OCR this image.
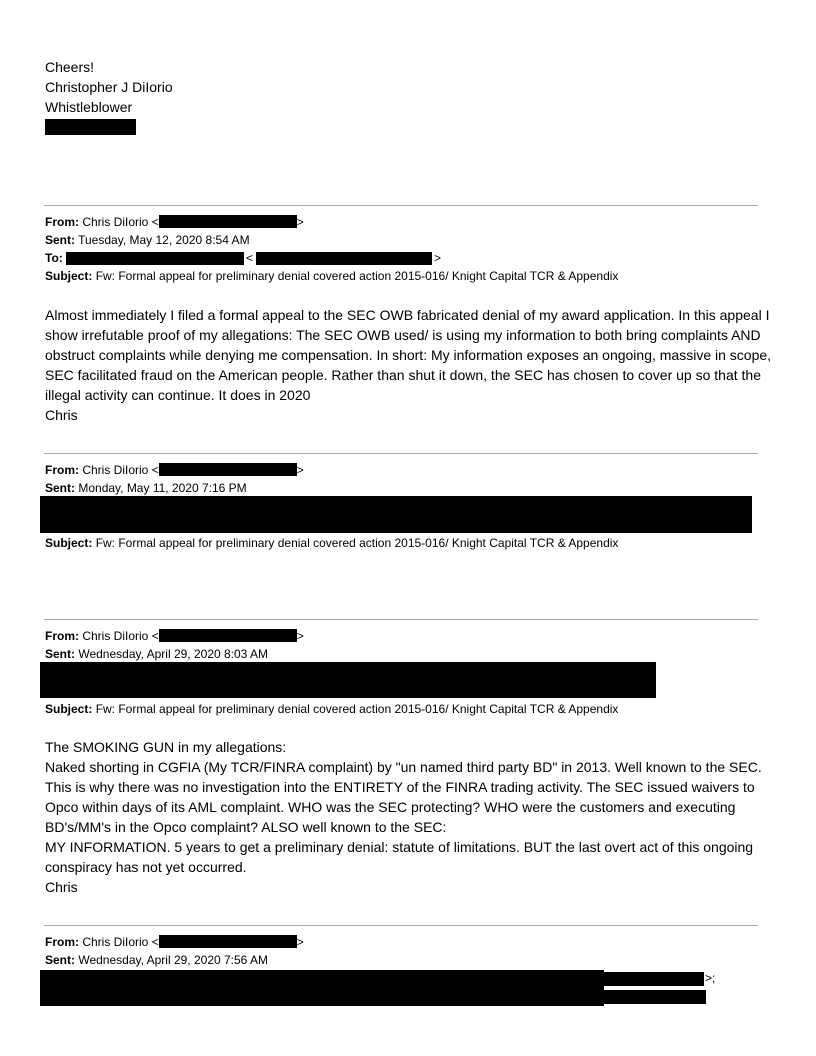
Cheers!
Christopher J DiIorio
Whistleblower
From: Chris DiIorio <	>
Sent: Tuesday, May 12, 2020 8:54 AM
To:	<	>
Subject: Fw: Formal appeal for preliminary denial covered action 2015-016/ Knight Capital TCR & Appendix

Almost immediately I filed a formal appeal to the SEC OWB fabricated denial of my award application. In this appeal I show irrefutable proof of my allegations: The SEC OWB used/ is using my information to both bring complaints AND obstruct complaints while denying me compensation. In short: My information exposes an ongoing, massive in scope, SEC facilitated fraud on the American people. Rather than shut it down, the SEC has chosen to cover up so that the illegal activity can continue. It does in 2020

Chris

From: Chris DiIorio <	>
Sent: Monday, May 11, 2020 7:16 PM
Subject: Fw: Formal appeal for preliminary denial covered action 2015-016/ Knight Capital TCR & Appendix
From: Chris DiIorio <	>
Sent: Wednesday, April 29, 2020 8:03 AM
Subject: Fw: Formal appeal for preliminary denial covered action 2015-016/ Knight Capital TCR & Appendix

The SMOKING GUN in my allegations:

Naked shorting in CGFIA (My TCR/FINRA complaint) by "un named third party BD" in 2013. Well known to the SEC. This is why there was no investigation into the ENTIRETY of the FINRA trading activity. The SEC issued waivers to Opco within days of its AML complaint. WHO was the SEC protecting? WHO were the customers and executing BD's/MM's in the Opco complaint? ALSO well known to the SEC:

MY INFORMATION. 5 years to get a preliminary denial: statute of limitations. BUT the last overt act of this ongoing conspiracy has not yet occurred.

Chris

From: Chris DiIorio <	>
Sent: Wednesday, April 29, 2020 7:56 AM
>;
